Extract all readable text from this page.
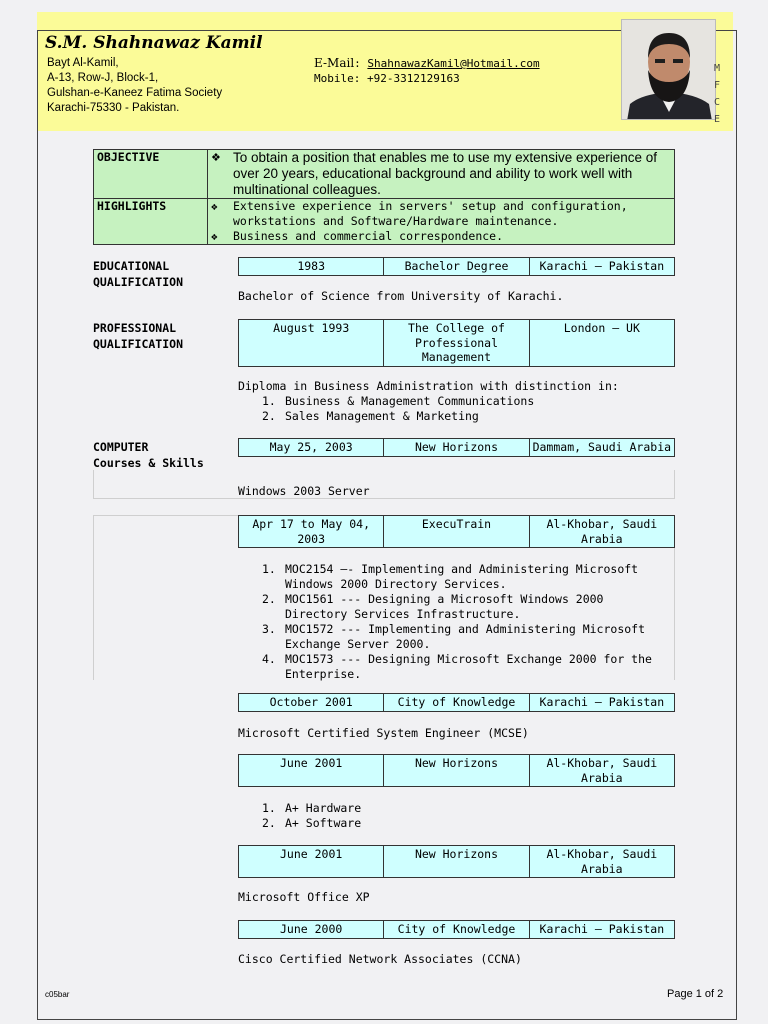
S.M. Shahnawaz Kamil
Bayt Al-Kamil,
A-13, Row-J, Block-1,
Gulshan-e-Kaneez Fatima Society
Karachi-75330 - Pakistan.
E-Mail: ShahnawazKamil@Hotmail.com
Mobile: +92-3312129163
M
F
C
E
OBJECTIVE	❖ To obtain a position that enables me to use my extensive experience of over 20 years, educational background and ability to work well with multinational colleagues.

HIGHLIGHTS	❖ Extensive experience in servers' setup and configuration, workstations and Software/Hardware maintenance.
❖ Business and commercial correspondence.
EDUCATIONAL
QUALIFICATION
1983	Bachelor Degree	Karachi – Pakistan
Bachelor of Science from University of Karachi.
PROFESSIONAL
QUALIFICATION
August 1993	The College of Professional Management	London – UK
Diploma in Business Administration with distinction in:
1. Business & Management Communications
2. Sales Management & Marketing
COMPUTER
Courses & Skills
May 25, 2003	New Horizons	Dammam, Saudi Arabia
Windows 2003 Server
Apr 17 to May 04, 2003	ExecuTrain	Al-Khobar, Saudi Arabia
1. MOC2154 –- Implementing and Administering Microsoft Windows 2000 Directory Services.
2. MOC1561 --- Designing a Microsoft Windows 2000 Directory Services Infrastructure.
3. MOC1572 --- Implementing and Administering Microsoft Exchange Server 2000.
4. MOC1573 --- Designing Microsoft Exchange 2000 for the Enterprise.
October 2001	City of Knowledge	Karachi – Pakistan
Microsoft Certified System Engineer (MCSE)
June 2001	New Horizons	Al-Khobar, Saudi Arabia
1. A+ Hardware
2. A+ Software
June 2001	New Horizons	Al-Khobar, Saudi Arabia
Microsoft Office XP
June 2000	City of Knowledge	Karachi – Pakistan
Cisco Certified Network Associates (CCNA)
c05bar	Page 1 of 2
